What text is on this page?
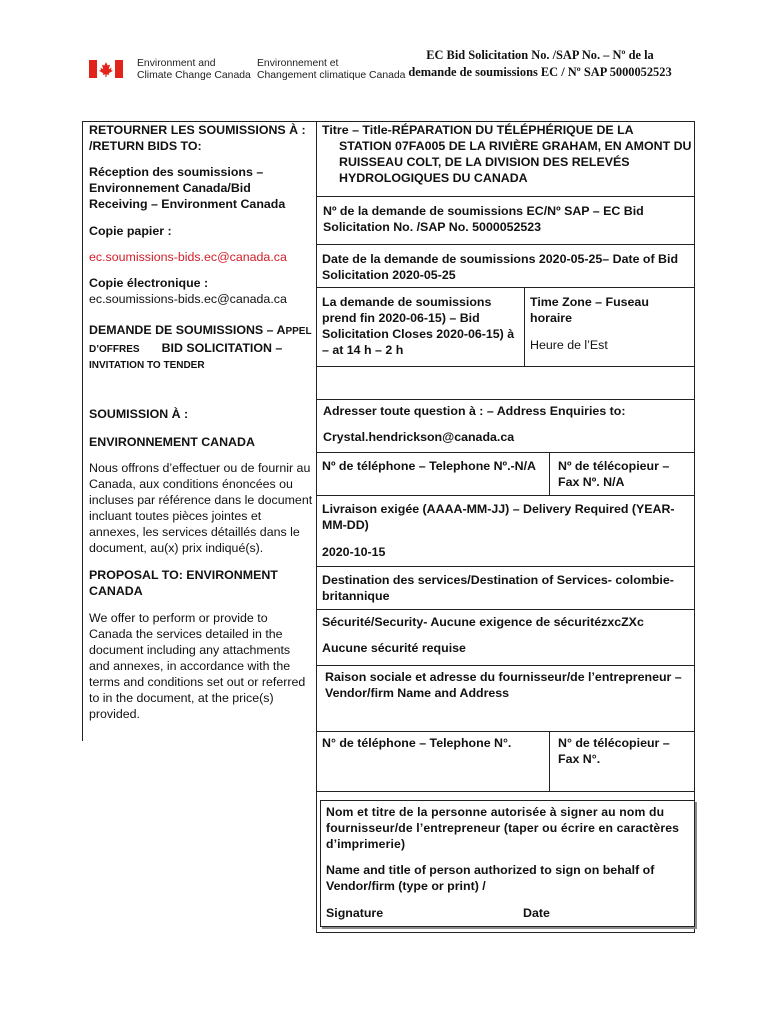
Environment and
Climate Change Canada
Environnement et
Changement climatique Canada
EC Bid Solicitation No. /SAP No. – Nº de la
demande de soumissions EC / Nº SAP 5000052523
RETOURNER LES SOUMISSIONS À :
/RETURN BIDS TO:
Réception des soumissions –
Environnement Canada/Bid
Receiving – Environment Canada
Copie papier :
ec.soumissions-bids.ec@canada.ca
Copie électronique :
ec.soumissions-bids.ec@canada.ca
DEMANDE DE SOUMISSIONS – APPEL
D’OFFRES BID SOLICITATION –
INVITATION TO TENDER
SOUMISSION À :
ENVIRONNEMENT CANADA
Nous offrons d’effectuer ou de fournir au
Canada, aux conditions énoncées ou
incluses par référence dans le document
incluant toutes pièces jointes et
annexes, les services détaillés dans le
document, au(x) prix indiqué(s).
PROPOSAL TO: ENVIRONMENT
CANADA
We offer to perform or provide to
Canada the services detailed in the
document including any attachments
and annexes, in accordance with the
terms and conditions set out or referred
to in the document, at the price(s)
provided.
Titre – Title-RÉPARATION DU TÉLÉPHÉRIQUE DE LA
STATION 07FA005 DE LA RIVIÈRE GRAHAM, EN AMONT DU
RUISSEAU COLT, DE LA DIVISION DES RELEVÉS
HYDROLOGIQUES DU CANADA
Nº de la demande de soumissions EC/Nº SAP – EC Bid
Solicitation No. /SAP No. 5000052523
Date de la demande de soumissions 2020-05-25– Date of Bid
Solicitation 2020-05-25
La demande de soumissions
prend fin 2020-06-15) – Bid
Solicitation Closes 2020-06-15) à
– at 14 h – 2 h
Time Zone – Fuseau
horaire
Heure de l’Est
Adresser toute question à : – Address Enquiries to:
Crystal.hendrickson@canada.ca
Nº de téléphone – Telephone Nº.-N/A Nº de télécopieur –
Fax Nº. N/A
Livraison exigée (AAAA-MM-JJ) – Delivery Required (YEAR-
MM-DD)
2020-10-15
Destination des services/Destination of Services- colombie-
britannique
Sécurité/Security- Aucune exigence de sécuritézxcZXc
Aucune sécurité requise
Raison sociale et adresse du fournisseur/de l’entrepreneur –
Vendor/firm Name and Address
N° de téléphone – Telephone N°.	N° de télécopieur –
Fax N°.
Nom et titre de la personne autorisée à signer au nom du
fournisseur/de l’entrepreneur (taper ou écrire en caractères
d’imprimerie)
Name and title of person authorized to sign on behalf of
Vendor/firm (type or print) /
Signature	Date
